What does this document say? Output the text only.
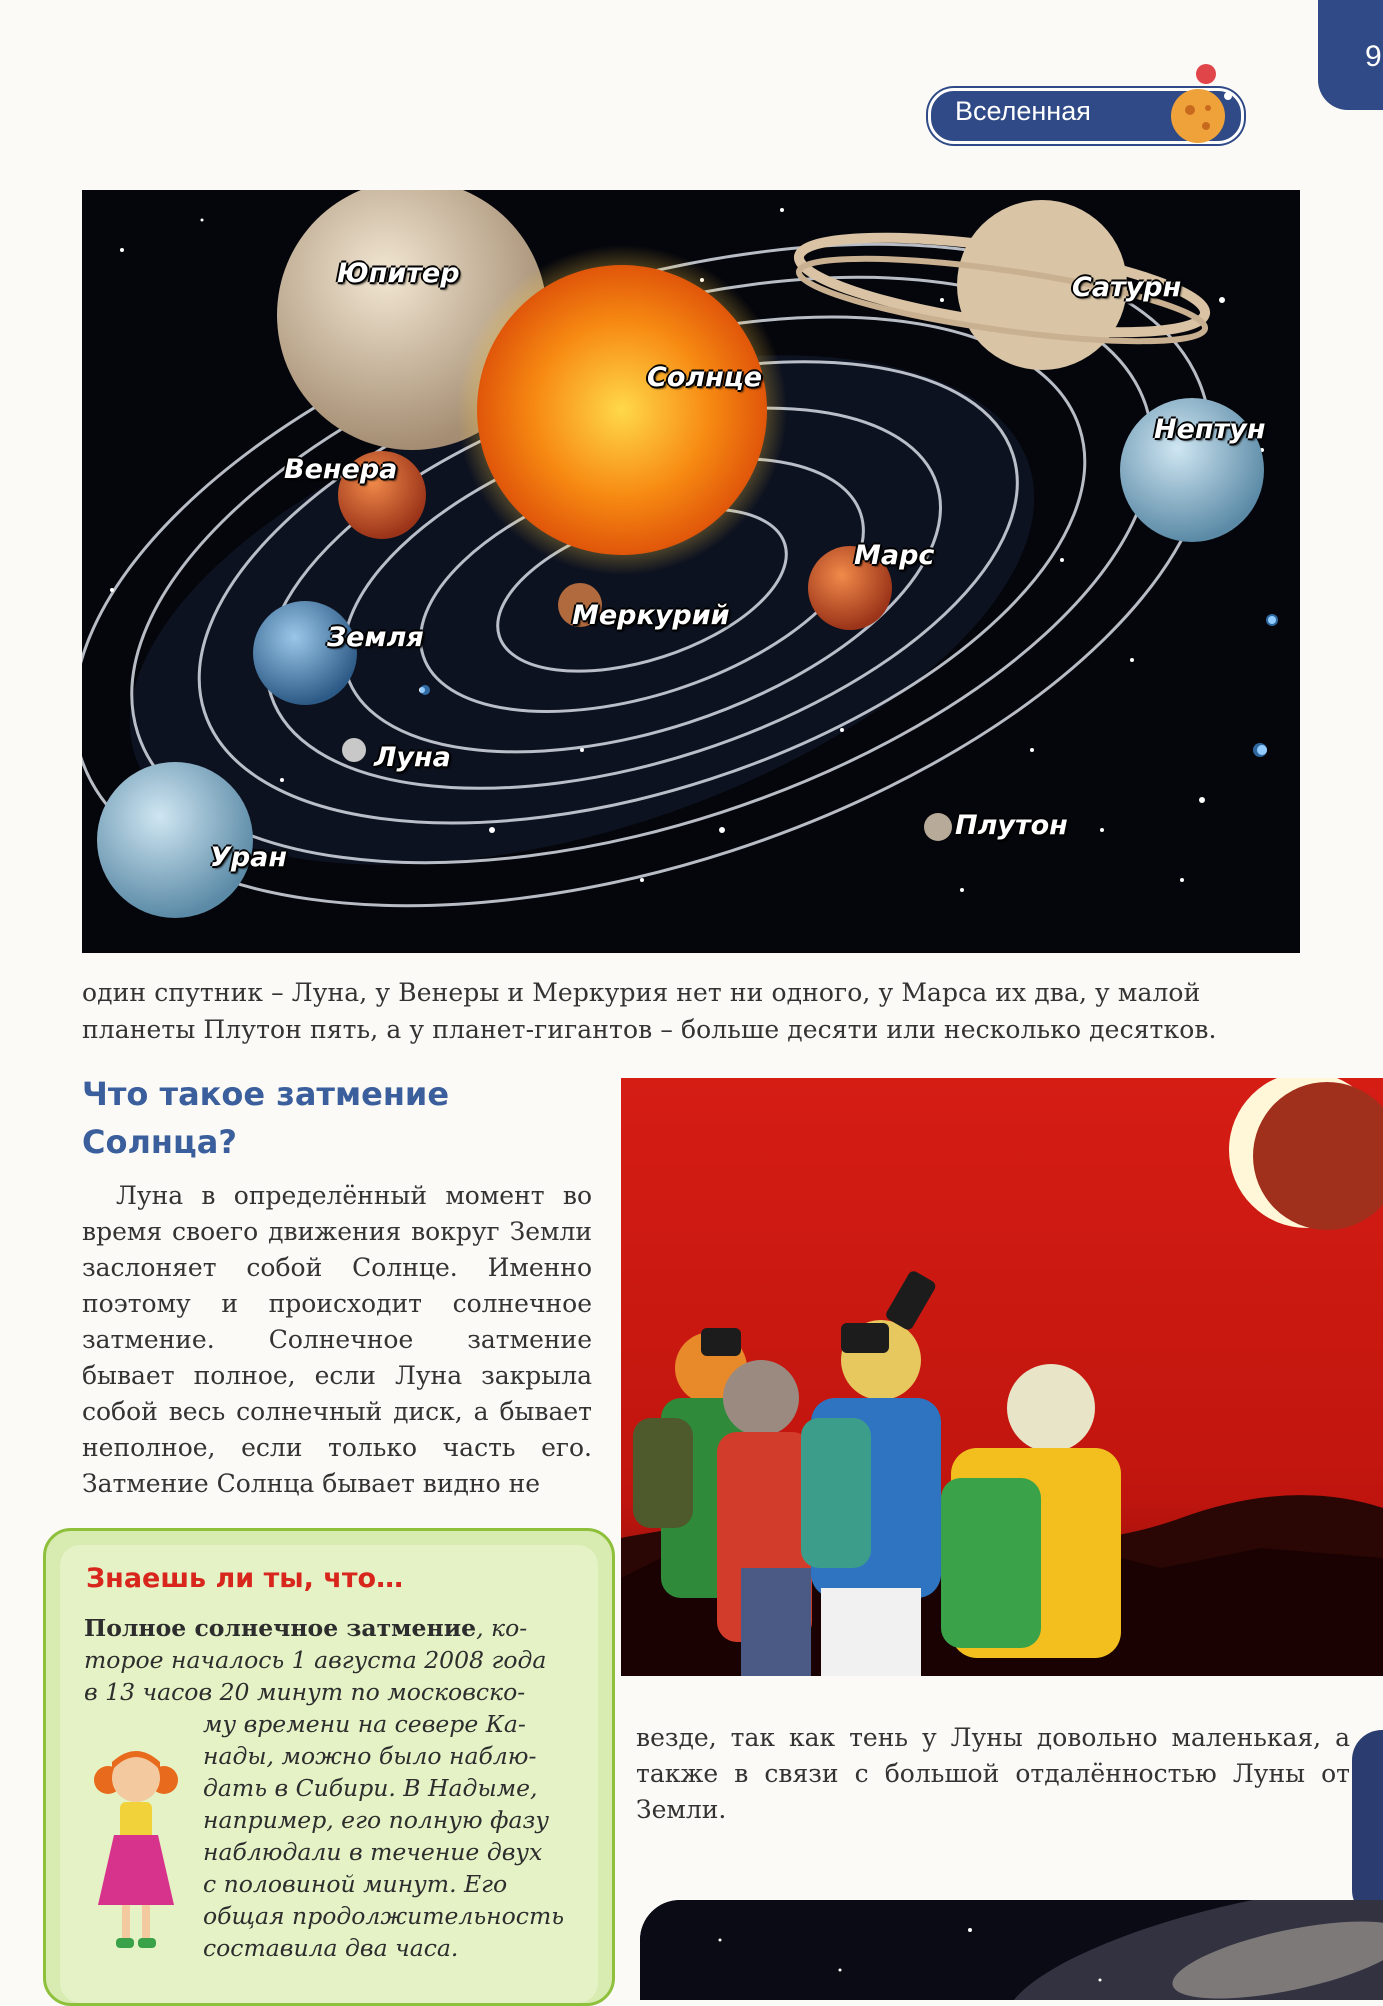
9
Вселенная
Юпитер	Сатурн
Солнце
Нептун
Венера
Марс
Меркурий
Земля
Луна
Плутон
Уран
один спутник – Луна, у Венеры и Меркурия нет ни одного, у Марса их два, у малой
планеты Плутон пять, а у планет-гигантов – больше десяти или несколько десятков.
Что такое затмение
Солнца?

Луна в определённый момент во время своего движения вокруг Земли заслоняет собой Солнце. Именно поэтому и происходит солнечное затмение. Солнечное затмение бывает полное, если Луна закрыла собой весь солнечный диск, а бывает неполное, если только часть его. Затмение Солнца бывает видно не

везде, так как тень у Луны довольно маленькая, а также в связи с большой отдалённостью Луны от Земли.
Знаешь ли ты, что…
Полное солнечное затмение, ко-
торое началось 1 августа 2008 года
в 13 часов 20 минут по московско-
му времени на севере Ка-
нады, можно было наблю-
дать в Сибири. В Надыме,
например, его полную фазу
наблюдали в течение двух
с половиной минут. Его
общая продолжительность
составила два часа.
